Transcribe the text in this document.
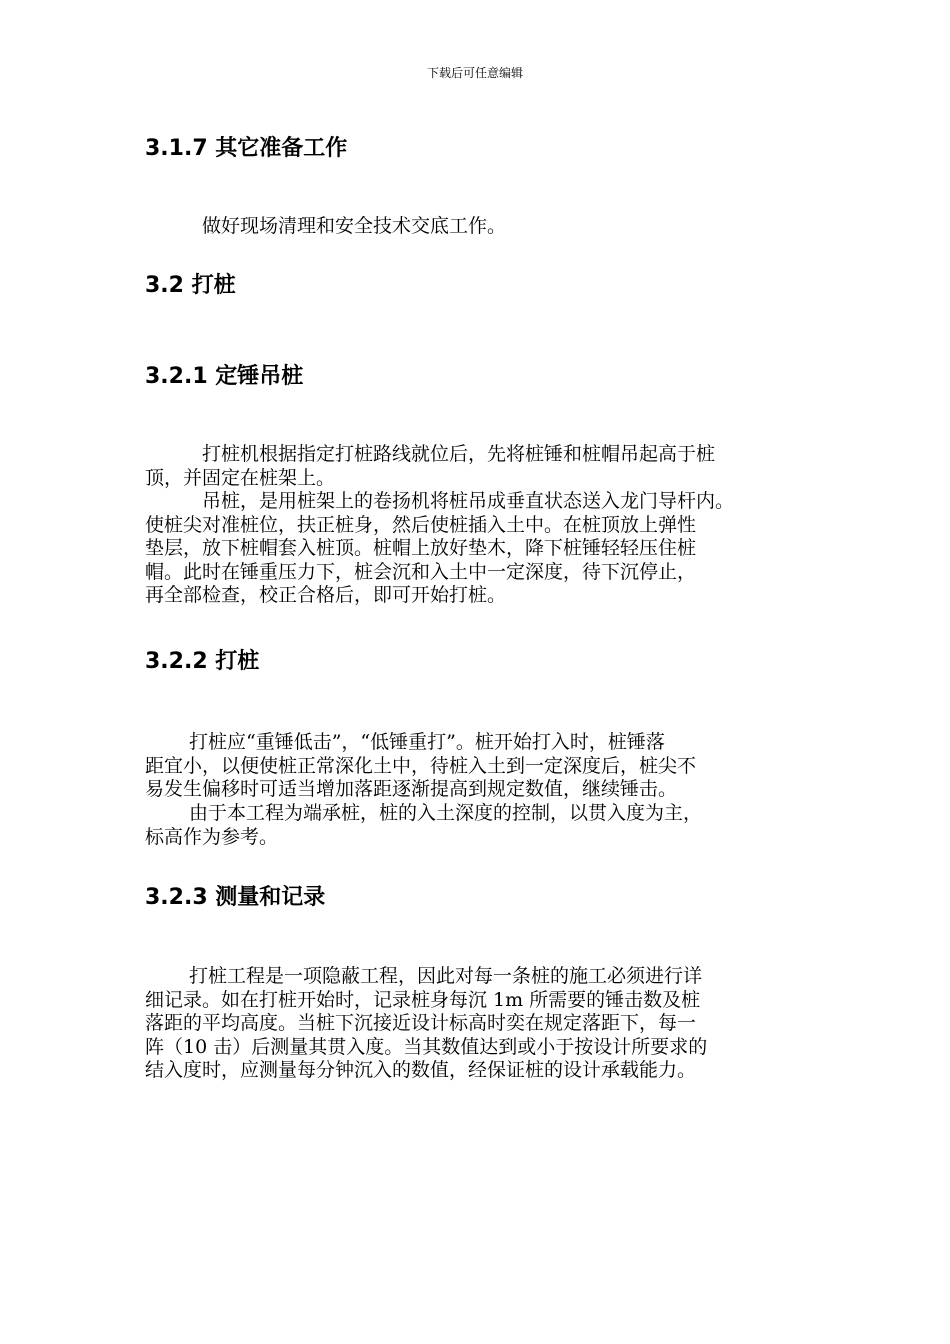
下载后可任意编辑
3.1.7 其它准备工作
做好现场清理和安全技术交底工作。
3.2 打桩
3.2.1 定锤吊桩
打桩机根据指定打桩路线就位后，先将桩锤和桩帽吊起高于桩
顶，并固定在桩架上。
吊桩，是用桩架上的卷扬机将桩吊成垂直状态送入龙门导杆内。
使桩尖对准桩位，扶正桩身，然后使桩插入土中。在桩顶放上弹性
垫层，放下桩帽套入桩顶。桩帽上放好垫木，降下桩锤轻轻压住桩
帽。此时在锤重压力下，桩会沉和入土中一定深度，待下沉停止，
再全部检查，校正合格后，即可开始打桩。
3.2.2 打桩
打桩应“重锤低击”，“低锤重打”。桩开始打入时，桩锤落
距宜小，以便使桩正常深化土中，待桩入土到一定深度后，桩尖不
易发生偏移时可适当增加落距逐渐提高到规定数值，继续锤击。
由于本工程为端承桩，桩的入土深度的控制，以贯入度为主，
标高作为参考。
3.2.3 测量和记录
打桩工程是一项隐蔽工程，因此对每一条桩的施工必须进行详
细记录。如在打桩开始时，记录桩身每沉 1m 所需要的锤击数及桩
落距的平均高度。当桩下沉接近设计标高时奕在规定落距下，每一
阵（10 击）后测量其贯入度。当其数值达到或小于按设计所要求的
结入度时，应测量每分钟沉入的数值，经保证桩的设计承载能力。
